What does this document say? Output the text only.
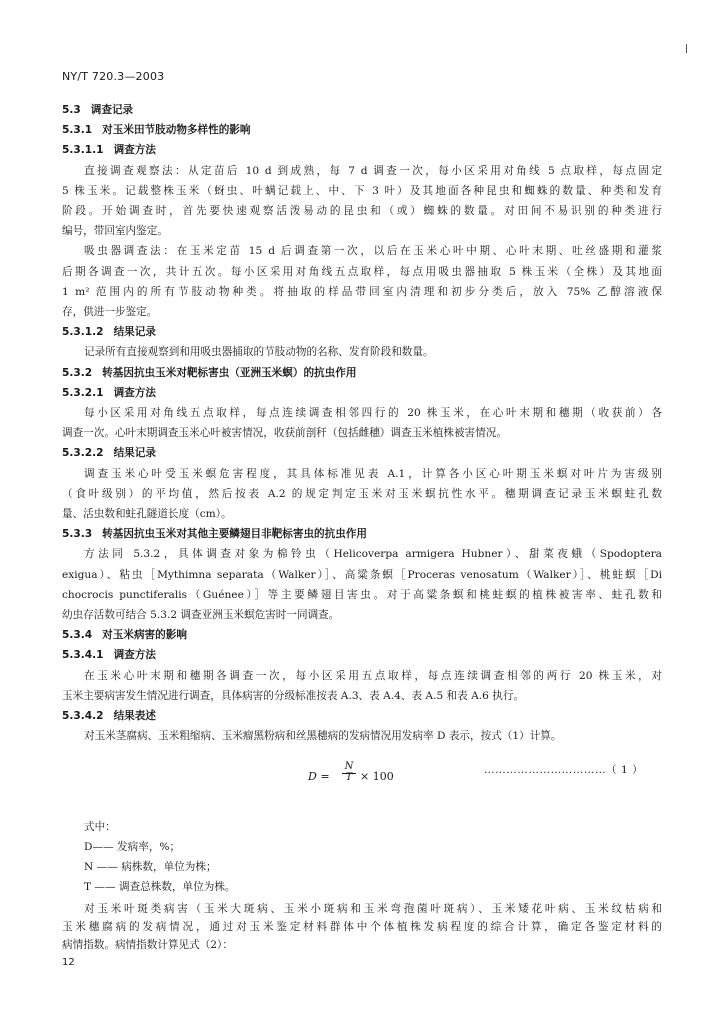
NY/T 720.3—2003
5.3 调查记录
5.3.1 对玉米田节肢动物多样性的影响
5.3.1.1 调查方法
直接调查观察法：从定苗后 10 d 到成熟，每 7 d 调查一次，每小区采用对角线 5 点取样，每点固定
5 株玉米。记载整株玉米（蚜虫、叶螨记载上、中、下 3 叶）及其地面各种昆虫和蜘蛛的数量、种类和发育
阶段。开始调查时，首先要快速观察活泼易动的昆虫和（或）蜘蛛的数量。对田间不易识别的种类进行
编号，带回室内鉴定。
吸虫器调查法：在玉米定苗 15 d 后调查第一次，以后在玉米心叶中期、心叶末期、吐丝盛期和灌浆
后期各调查一次，共计五次。每小区采用对角线五点取样，每点用吸虫器抽取 5 株玉米（全株）及其地面
1 m² 范围内的所有节肢动物种类。将抽取的样品带回室内清理和初步分类后，放入 75% 乙醇溶液保
存，供进一步鉴定。
5.3.1.2 结果记录
记录所有直接观察到和用吸虫器捕取的节肢动物的名称、发育阶段和数量。
5.3.2 转基因抗虫玉米对靶标害虫（亚洲玉米螟）的抗虫作用
5.3.2.1 调查方法
每小区采用对角线五点取样，每点连续调查相邻四行的 20 株玉米，在心叶末期和穗期（收获前）各
调查一次。心叶末期调查玉米心叶被害情况，收获前剖秆（包括雌穗）调查玉米植株被害情况。
5.3.2.2 结果记录
调查玉米心叶受玉米螟危害程度，其具体标准见表 A.1，计算各小区心叶期玉米螟对叶片为害级别
（食叶级别）的平均值，然后按表 A.2 的规定判定玉米对玉米螟抗性水平。穗期调查记录玉米螟蛀孔数
量、活虫数和蛀孔隧道长度（cm）。
5.3.3 转基因抗虫玉米对其他主要鳞翅目非靶标害虫的抗虫作用
方法同 5.3.2，具体调查对象为棉铃虫（Helicoverpa armigera Hubner）、甜菜夜蛾（Spodoptera
exigua）、粘虫［Mythimna separata（Walker）］、高粱条螟［Proceras venosatum（Walker）］、桃蛀螟［Di
chocrocis punctiferalis（Guénee）］等主要鳞翅目害虫。对于高粱条螟和桃蛀螟的植株被害率、蛀孔数和
幼虫存活数可结合 5.3.2 调查亚洲玉米螟危害时一同调查。
5.3.4 对玉米病害的影响
5.3.4.1 调查方法
在玉米心叶末期和穗期各调查一次，每小区采用五点取样，每点连续调查相邻的两行 20 株玉米，对
玉米主要病害发生情况进行调查，具体病害的分级标准按表 A.3、表 A.4、表 A.5 和表 A.6 执行。
5.3.4.2 结果表述
对玉米茎腐病、玉米粗缩病、玉米瘤黑粉病和丝黑穗病的发病情况用发病率 D 表示，按式（1）计算。
D =
N
T × 100	……………………………（ 1 ）
式中：
D—— 发病率，%；
N —— 病株数，单位为株；
T —— 调查总株数，单位为株。
对玉米叶斑类病害（玉米大斑病、玉米小斑病和玉米弯孢菌叶斑病）、玉米矮花叶病、玉米纹枯病和
玉米穗腐病的发病情况，通过对玉米鉴定材料群体中个体植株发病程度的综合计算，确定各鉴定材料的
病情指数。病情指数计算见式（2）：
12
